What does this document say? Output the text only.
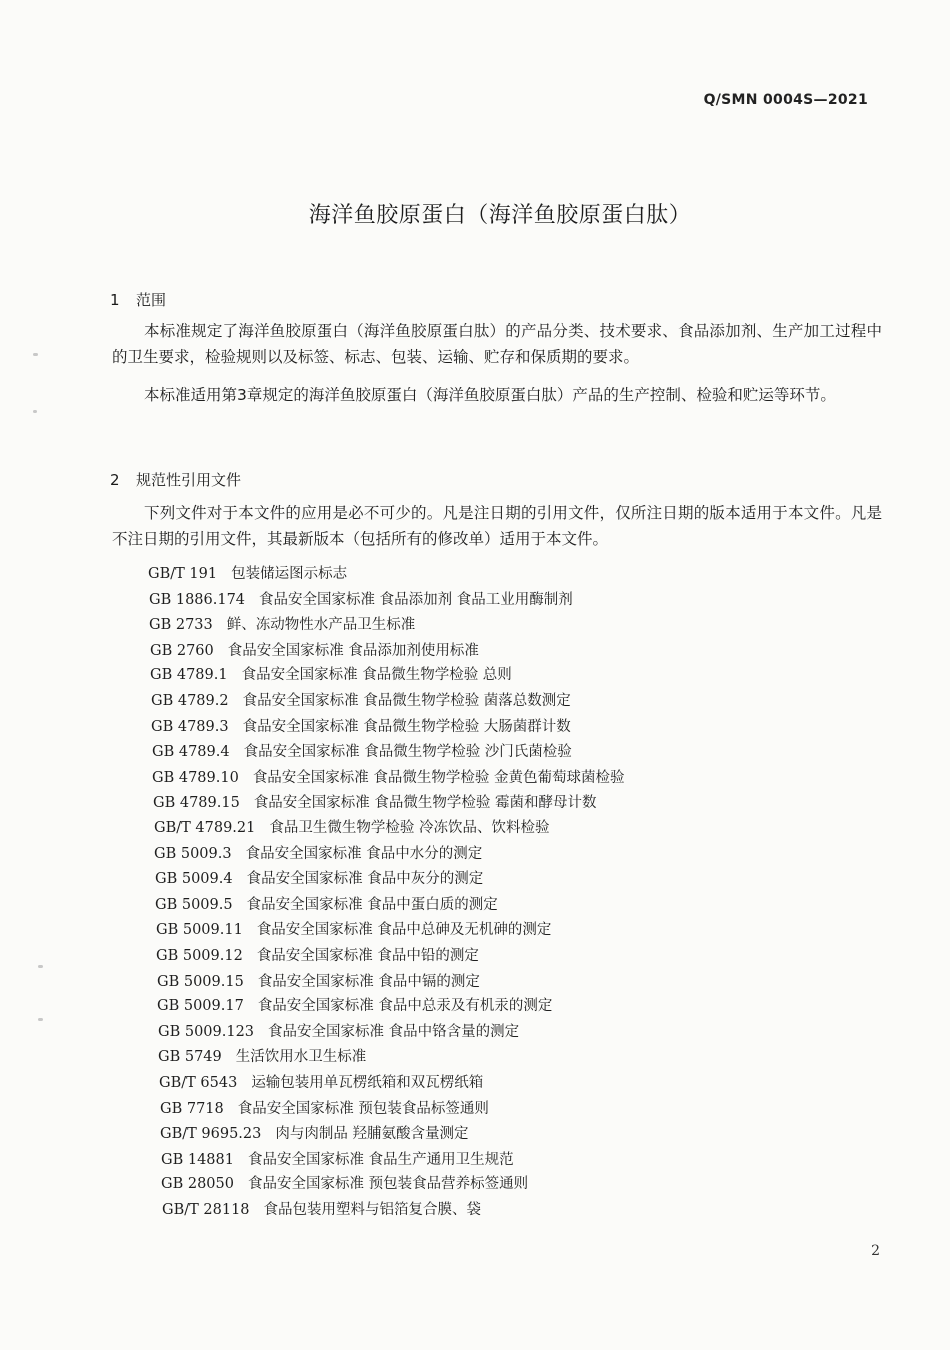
Q/SMN 0004S—2021
海洋鱼胶原蛋白（海洋鱼胶原蛋白肽）
1 范围

本标准规定了海洋鱼胶原蛋白（海洋鱼胶原蛋白肽）的产品分类、技术要求、食品添加剂、生产加工过程中的卫生要求，检验规则以及标签、标志、包装、运输、贮存和保质期的要求。

本标准适用第3章规定的海洋鱼胶原蛋白（海洋鱼胶原蛋白肽）产品的生产控制、检验和贮运等环节。

2 规范性引用文件

下列文件对于本文件的应用是必不可少的。凡是注日期的引用文件，仅所注日期的版本适用于本文件。凡是不注日期的引用文件，其最新版本（包括所有的修改单）适用于本文件。

GB/T 191 包装储运图示标志
GB 1886.174 食品安全国家标准 食品添加剂 食品工业用酶制剂
GB 2733 鲜、冻动物性水产品卫生标准
GB 2760 食品安全国家标准 食品添加剂使用标准
GB 4789.1 食品安全国家标准 食品微生物学检验 总则
GB 4789.2 食品安全国家标准 食品微生物学检验 菌落总数测定
GB 4789.3 食品安全国家标准 食品微生物学检验 大肠菌群计数
GB 4789.4 食品安全国家标准 食品微生物学检验 沙门氏菌检验
GB 4789.10 食品安全国家标准 食品微生物学检验 金黄色葡萄球菌检验
GB 4789.15 食品安全国家标准 食品微生物学检验 霉菌和酵母计数
GB/T 4789.21 食品卫生微生物学检验 冷冻饮品、饮料检验
GB 5009.3 食品安全国家标准 食品中水分的测定
GB 5009.4 食品安全国家标准 食品中灰分的测定
GB 5009.5 食品安全国家标准 食品中蛋白质的测定
GB 5009.11 食品安全国家标准 食品中总砷及无机砷的测定
GB 5009.12 食品安全国家标准 食品中铅的测定
GB 5009.15 食品安全国家标准 食品中镉的测定
GB 5009.17 食品安全国家标准 食品中总汞及有机汞的测定
GB 5009.123 食品安全国家标准 食品中铬含量的测定
GB 5749 生活饮用水卫生标准
GB/T 6543 运输包装用单瓦楞纸箱和双瓦楞纸箱
GB 7718 食品安全国家标准 预包装食品标签通则
GB/T 9695.23 肉与肉制品 羟脯氨酸含量测定
GB 14881 食品安全国家标准 食品生产通用卫生规范
GB 28050 食品安全国家标准 预包装食品营养标签通则
GB/T 28118 食品包装用塑料与铝箔复合膜、袋
2
